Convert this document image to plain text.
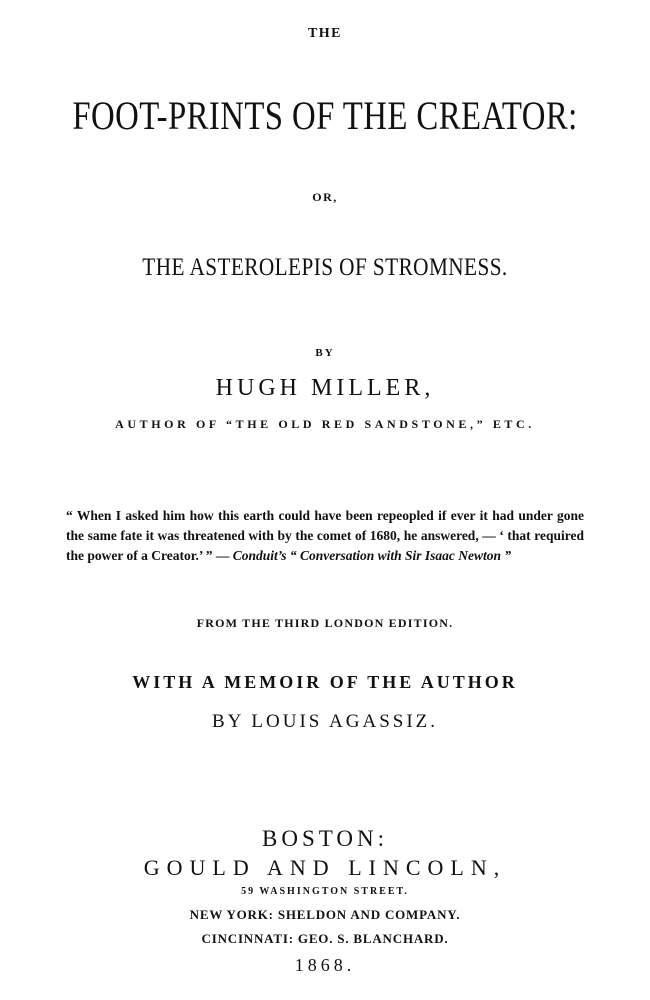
THE
FOOT-PRINTS OF THE CREATOR:
OR,
THE ASTEROLEPIS OF STROMNESS.
BY
HUGH MILLER,
AUTHOR OF “THE OLD RED SANDSTONE,” ETC.
“ When I asked him how this earth could have been repeopled if ever it had under gone the same fate it was threatened with by the comet of 1680, he answered, — ‘ that required the power of a Creator.’ ” — Conduit’s “ Conversation with Sir Isaac Newton ”
FROM THE THIRD LONDON EDITION.
WITH A MEMOIR OF THE AUTHOR
BY LOUIS AGASSIZ.
BOSTON:
GOULD AND LINCOLN,
59 WASHINGTON STREET.
NEW YORK: SHELDON AND COMPANY.
CINCINNATI: GEO. S. BLANCHARD.
1868.
